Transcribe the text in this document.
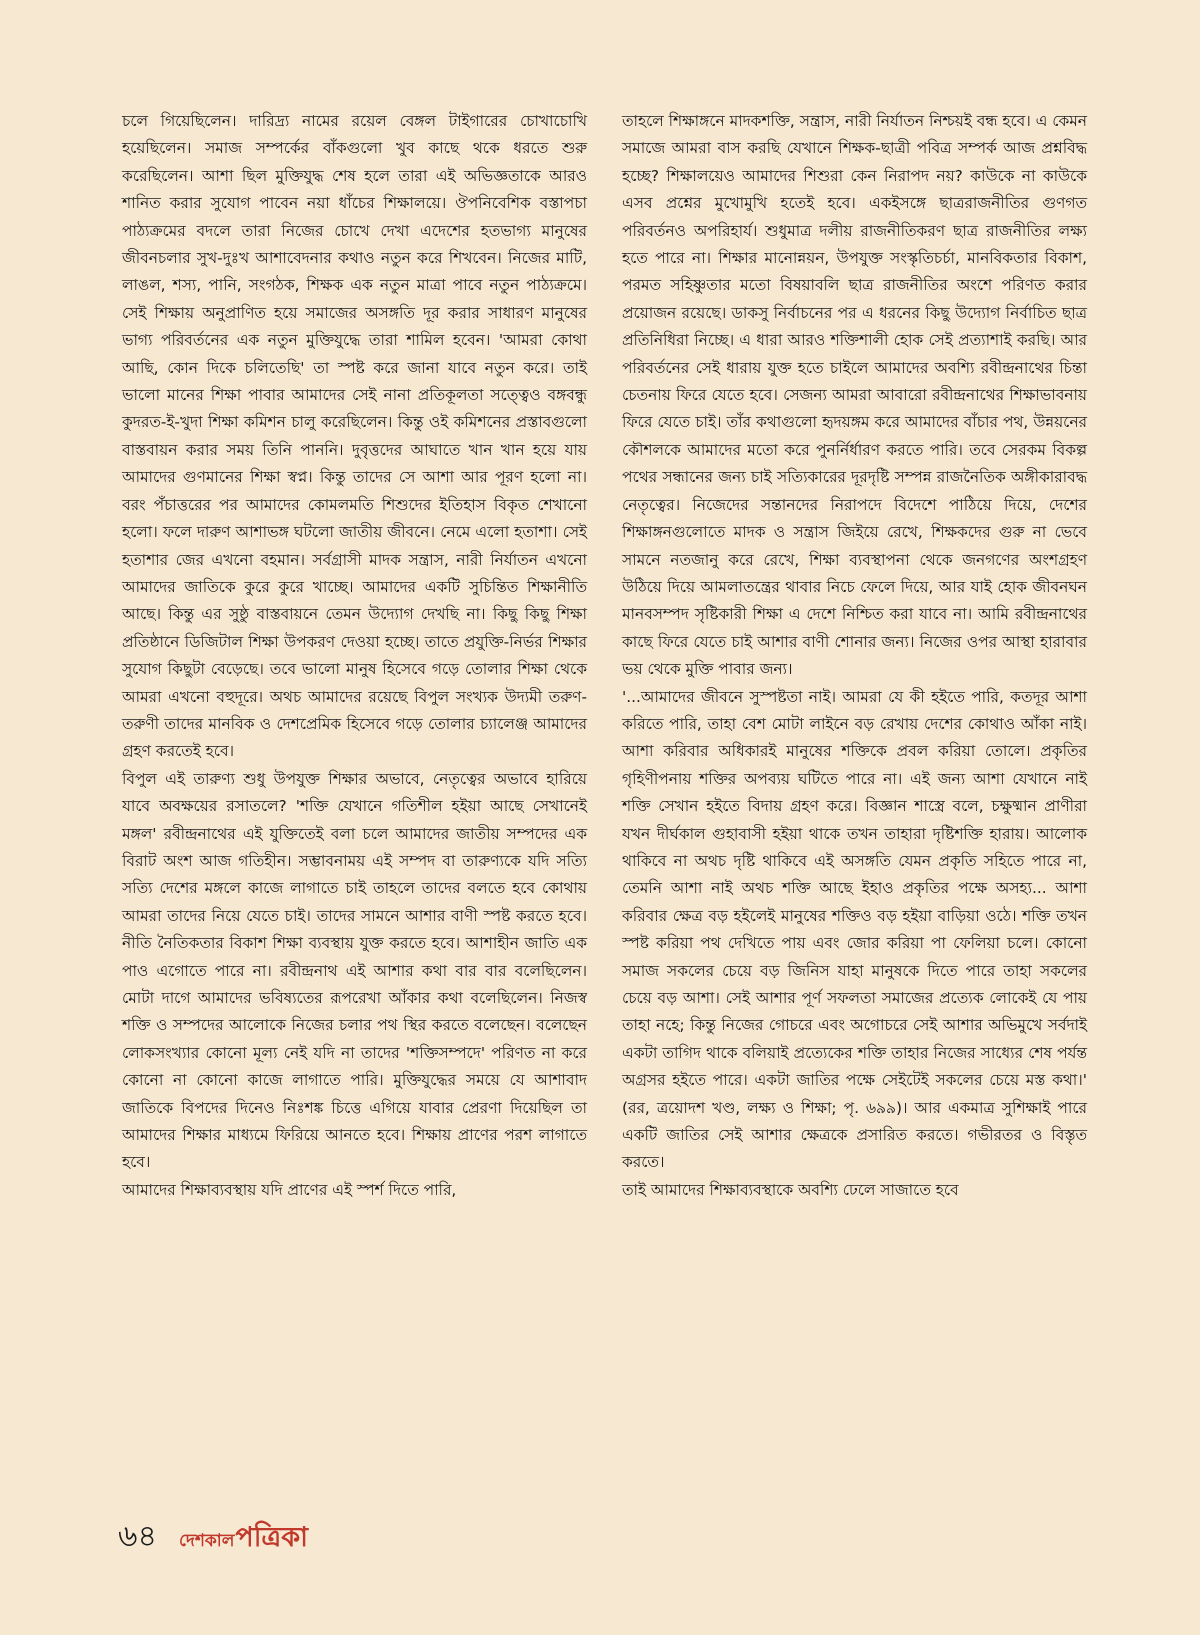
চলে গিয়েছিলেন। দারিদ্র্য নামের রয়েল বেঙ্গল টাইগারের চোখাচোখি হয়েছিলেন। সমাজ সম্পর্কের বাঁকগুলো খুব কাছে থকে ধরতে শুরু করেছিলেন। আশা ছিল মুক্তিযুদ্ধ শেষ হলে তারা এই অভিজ্ঞতাকে আরও শানিত করার সুযোগ পাবেন নয়া ধাঁচের শিক্ষালয়ে। ঔপনিবেশিক বস্তাপচা পাঠ্যক্রমের বদলে তারা নিজের চোখে দেখা এদেশের হতভাগ্য মানুষের জীবনচলার সুখ-দুঃখ আশাবেদনার কথাও নতুন করে শিখবেন। নিজের মাটি, লাঙল, শস্য, পানি, সংগঠক, শিক্ষক এক নতুন মাত্রা পাবে নতুন পাঠ্যক্রমে। সেই শিক্ষায় অনুপ্রাণিত হয়ে সমাজের অসঙ্গতি দূর করার সাধারণ মানুষের ভাগ্য পরিবর্তনের এক নতুন মুক্তিযুদ্ধে তারা শামিল হবেন। 'আমরা কোথা আছি, কোন দিকে চলিতেছি' তা স্পষ্ট করে জানা যাবে নতুন করে। তাই ভালো মানের শিক্ষা পাবার আমাদের সেই নানা প্রতিকূলতা সত্ত্বেও বঙ্গবন্ধু কুদরত-ই-খুদা শিক্ষা কমিশন চালু করেছিলেন। কিন্তু ওই কমিশনের প্রস্তাবগুলো বাস্তবায়ন করার সময় তিনি পাননি। দুবৃত্তদের আঘাতে খান খান হয়ে যায় আমাদের গুণমানের শিক্ষা স্বপ্ন। কিন্তু তাদের সে আশা আর পূরণ হলো না। বরং পঁচাত্তরের পর আমাদের কোমলমতি শিশুদের ইতিহাস বিকৃত শেখানো হলো। ফলে দারুণ আশাভঙ্গ ঘটলো জাতীয় জীবনে। নেমে এলো হতাশা। সেই হতাশার জের এখনো বহমান। সর্বগ্রাসী মাদক সন্ত্রাস, নারী নির্যাতন এখনো আমাদের জাতিকে কুরে কুরে খাচ্ছে। আমাদের একটি সুচিন্তিত শিক্ষানীতি আছে। কিন্তু এর সুষ্ঠু বাস্তবায়নে তেমন উদ্যোগ দেখছি না। কিছু কিছু শিক্ষা প্রতিষ্ঠানে ডিজিটাল শিক্ষা উপকরণ দেওয়া হচ্ছে। তাতে প্রযুক্তি-নির্ভর শিক্ষার সুযোগ কিছুটা বেড়েছে। তবে ভালো মানুষ হিসেবে গড়ে তোলার শিক্ষা থেকে আমরা এখনো বহুদূরে। অথচ আমাদের রয়েছে বিপুল সংখ্যক উদ্যমী তরুণ-তরুণী তাদের মানবিক ও দেশপ্রেমিক হিসেবে গড়ে তোলার চ্যালেঞ্জ আমাদের গ্রহণ করতেই হবে।

বিপুল এই তারুণ্য শুধু উপযুক্ত শিক্ষার অভাবে, নেতৃত্বের অভাবে হারিয়ে যাবে অবক্ষয়ের রসাতলে? 'শক্তি যেখানে গতিশীল হইয়া আছে সেখানেই মঙ্গল' রবীন্দ্রনাথের এই যুক্তিতেই বলা চলে আমাদের জাতীয় সম্পদের এক বিরাট অংশ আজ গতিহীন। সম্ভাবনাময় এই সম্পদ বা তারুণ্যকে যদি সত্যি সত্যি দেশের মঙ্গলে কাজে লাগাতে চাই তাহলে তাদের বলতে হবে কোথায় আমরা তাদের নিয়ে যেতে চাই। তাদের সামনে আশার বাণী স্পষ্ট করতে হবে। নীতি নৈতিকতার বিকাশ শিক্ষা ব্যবস্থায় যুক্ত করতে হবে। আশাহীন জাতি এক পাও এগোতে পারে না। রবীন্দ্রনাথ এই আশার কথা বার বার বলেছিলেন। মোটা দাগে আমাদের ভবিষ্যতের রূপরেখা আঁকার কথা বলেছিলেন। নিজস্ব শক্তি ও সম্পদের আলোকে নিজের চলার পথ স্থির করতে বলেছেন। বলেছেন লোকসংখ্যার কোনো মূল্য নেই যদি না তাদের 'শক্তিসম্পদে' পরিণত না করে কোনো না কোনো কাজে লাগাতে পারি। মুক্তিযুদ্ধের সময়ে যে আশাবাদ জাতিকে বিপদের দিনেও নিঃশঙ্ক চিত্তে এগিয়ে যাবার প্রেরণা দিয়েছিল তা আমাদের শিক্ষার মাধ্যমে ফিরিয়ে আনতে হবে। শিক্ষায় প্রাণের পরশ লাগাতে হবে।

আমাদের শিক্ষাব্যবস্থায় যদি প্রাণের এই স্পর্শ দিতে পারি,

তাহলে শিক্ষাঙ্গনে মাদকশক্তি, সন্ত্রাস, নারী নির্যাতন নিশ্চয়ই বন্ধ হবে। এ কেমন সমাজে আমরা বাস করছি যেখানে শিক্ষক-ছাত্রী পবিত্র সম্পর্ক আজ প্রশ্নবিদ্ধ হচ্ছে? শিক্ষালয়েও আমাদের শিশুরা কেন নিরাপদ নয়? কাউকে না কাউকে এসব প্রশ্নের মুখোমুখি হতেই হবে। একইসঙ্গে ছাত্ররাজনীতির গুণগত পরিবর্তনও অপরিহার্য। শুধুমাত্র দলীয় রাজনীতিকরণ ছাত্র রাজনীতির লক্ষ্য হতে পারে না। শিক্ষার মানোন্নয়ন, উপযুক্ত সংস্কৃতিচর্চা, মানবিকতার বিকাশ, পরমত সহিষ্ণুতার মতো বিষয়াবলি ছাত্র রাজনীতির অংশে পরিণত করার প্রয়োজন রয়েছে। ডাকসু নির্বাচনের পর এ ধরনের কিছু উদ্যোগ নির্বাচিত ছাত্র প্রতিনিধিরা নিচ্ছে। এ ধারা আরও শক্তিশালী হোক সেই প্রত্যাশাই করছি। আর পরিবর্তনের সেই ধারায় যুক্ত হতে চাইলে আমাদের অবশ্যি রবীন্দ্রনাথের চিন্তা চেতনায় ফিরে যেতে হবে। সেজন্য আমরা আবারো রবীন্দ্রনাথের শিক্ষাভাবনায় ফিরে যেতে চাই। তাঁর কথাগুলো হৃদয়ঙ্গম করে আমাদের বাঁচার পথ, উন্নয়নের কৌশলকে আমাদের মতো করে পুনর্নির্ধারণ করতে পারি। তবে সেরকম বিকল্প পথের সন্ধানের জন্য চাই সত্যিকারের দূরদৃষ্টি সম্পন্ন রাজনৈতিক অঙ্গীকারাবদ্ধ নেতৃত্বের। নিজেদের সন্তানদের নিরাপদে বিদেশে পাঠিয়ে দিয়ে, দেশের শিক্ষাঙ্গনগুলোতে মাদক ও সন্ত্রাস জিইয়ে রেখে, শিক্ষকদের গুরু না ভেবে সামনে নতজানু করে রেখে, শিক্ষা ব্যবস্থাপনা থেকে জনগণের অংশগ্রহণ উঠিয়ে দিয়ে আমলাতন্ত্রের থাবার নিচে ফেলে দিয়ে, আর যাই হোক জীবনঘন মানবসম্পদ সৃষ্টিকারী শিক্ষা এ দেশে নিশ্চিত করা যাবে না। আমি রবীন্দ্রনাথের কাছে ফিরে যেতে চাই আশার বাণী শোনার জন্য। নিজের ওপর আস্থা হারাবার ভয় থেকে মুক্তি পাবার জন্য।

'...আমাদের জীবনে সুস্পষ্টতা নাই। আমরা যে কী হইতে পারি, কতদূর আশা করিতে পারি, তাহা বেশ মোটা লাইনে বড় রেখায় দেশের কোথাও আঁকা নাই। আশা করিবার অধিকারই মানুষের শক্তিকে প্রবল করিয়া তোলে। প্রকৃতির গৃহিণীপনায় শক্তির অপব্যয় ঘটিতে পারে না। এই জন্য আশা যেখানে নাই শক্তি সেখান হইতে বিদায় গ্রহণ করে। বিজ্ঞান শাস্ত্রে বলে, চক্ষুষ্মান প্রাণীরা যখন দীর্ঘকাল গুহাবাসী হইয়া থাকে তখন তাহারা দৃষ্টিশক্তি হারায়। আলোক থাকিবে না অথচ দৃষ্টি থাকিবে এই অসঙ্গতি যেমন প্রকৃতি সহিতে পারে না, তেমনি আশা নাই অথচ শক্তি আছে ইহাও প্রকৃতির পক্ষে অসহ্য... আশা করিবার ক্ষেত্র বড় হইলেই মানুষের শক্তিও বড় হইয়া বাড়িয়া ওঠে। শক্তি তখন স্পষ্ট করিয়া পথ দেখিতে পায় এবং জোর করিয়া পা ফেলিয়া চলে। কোনো সমাজ সকলের চেয়ে বড় জিনিস যাহা মানুষকে দিতে পারে তাহা সকলের চেয়ে বড় আশা। সেই আশার পূর্ণ সফলতা সমাজের প্রত্যেক লোকেই যে পায় তাহা নহে; কিন্তু নিজের গোচরে এবং অগোচরে সেই আশার অভিমুখে সর্বদাই একটা তাগিদ থাকে বলিয়াই প্রত্যেকের শক্তি তাহার নিজের সাধ্যের শেষ পর্যন্ত অগ্রসর হইতে পারে। একটা জাতির পক্ষে সেইটেই সকলের চেয়ে মস্ত কথা।' (রর, ত্রয়োদশ খণ্ড, লক্ষ্য ও শিক্ষা; পৃ. ৬৯৯)। আর একমাত্র সুশিক্ষাই পারে একটি জাতির সেই আশার ক্ষেত্রকে প্রসারিত করতে। গভীরতর ও বিস্তৃত করতে।

তাই আমাদের শিক্ষাব্যবস্থাকে অবশ্যি ঢেলে সাজাতে হবে

৬৪ দেশকাল পত্রিকা
